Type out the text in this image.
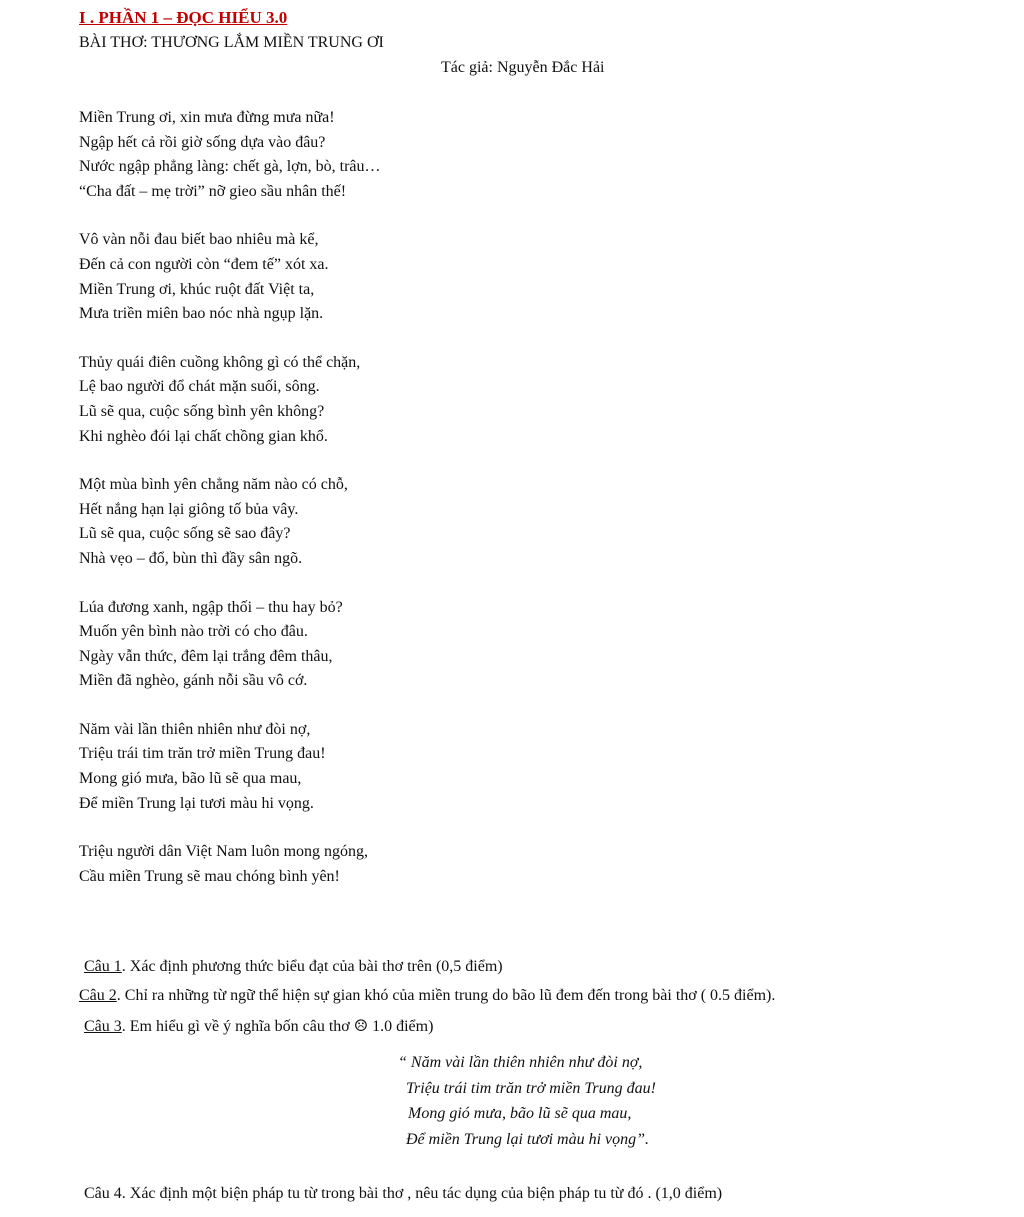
I . PHẦN 1 – ĐỌC HIỂU 3.0
BÀI THƠ: THƯƠNG LẮM MIỀN TRUNG ƠI
Tác giả: Nguyễn Đắc Hải
Miền Trung ơi, xin mưa đừng mưa nữa!
Ngập hết cả rồi giờ sống dựa vào đâu?
Nước ngập phẳng làng: chết gà, lợn, bò, trâu…
“Cha đất – mẹ trời” nỡ gieo sầu nhân thế!
Vô vàn nỗi đau biết bao nhiêu mà kể,
Đến cả con người còn “đem tế” xót xa.
Miền Trung ơi, khúc ruột đất Việt ta,
Mưa triền miên bao nóc nhà ngụp lặn.
Thủy quái điên cuồng không gì có thể chặn,
Lệ bao người đổ chát mặn suối, sông.
Lũ sẽ qua, cuộc sống bình yên không?
Khi nghèo đói lại chất chồng gian khổ.
Một mùa bình yên chẳng năm nào có chỗ,
Hết nắng hạn lại giông tố bủa vây.
Lũ sẽ qua, cuộc sống sẽ sao đây?
Nhà vẹo – đổ, bùn thì đầy sân ngõ.
Lúa đương xanh, ngập thối – thu hay bỏ?
Muốn yên bình nào trời có cho đâu.
Ngày vẫn thức, đêm lại trắng đêm thâu,
Miền đã nghèo, gánh nỗi sầu vô cớ.
Năm vài lần thiên nhiên như đòi nợ,
Triệu trái tim trăn trở miền Trung đau!
Mong gió mưa, bão lũ sẽ qua mau,
Để miền Trung lại tươi màu hi vọng.
Triệu người dân Việt Nam luôn mong ngóng,
Cầu miền Trung sẽ mau chóng bình yên!
Câu 1. Xác định phương thức biểu đạt của bài thơ trên (0,5 điểm)
Câu 2. Chỉ ra những từ ngữ thể hiện sự gian khó của miền trung do bão lũ đem đến trong bài thơ ( 0.5 điểm).
Câu 3. Em hiểu gì về ý nghĩa bốn câu thơ ☹ 1.0 điểm)
“ Năm vài lần thiên nhiên như đòi nợ,
Triệu trái tim trăn trở miền Trung đau!
Mong gió mưa, bão lũ sẽ qua mau,
Để miền Trung lại tươi màu hi vọng”.
Câu 4. Xác định một biện pháp tu từ trong bài thơ , nêu tác dụng của biện pháp tu từ đó . (1,0 điểm)
